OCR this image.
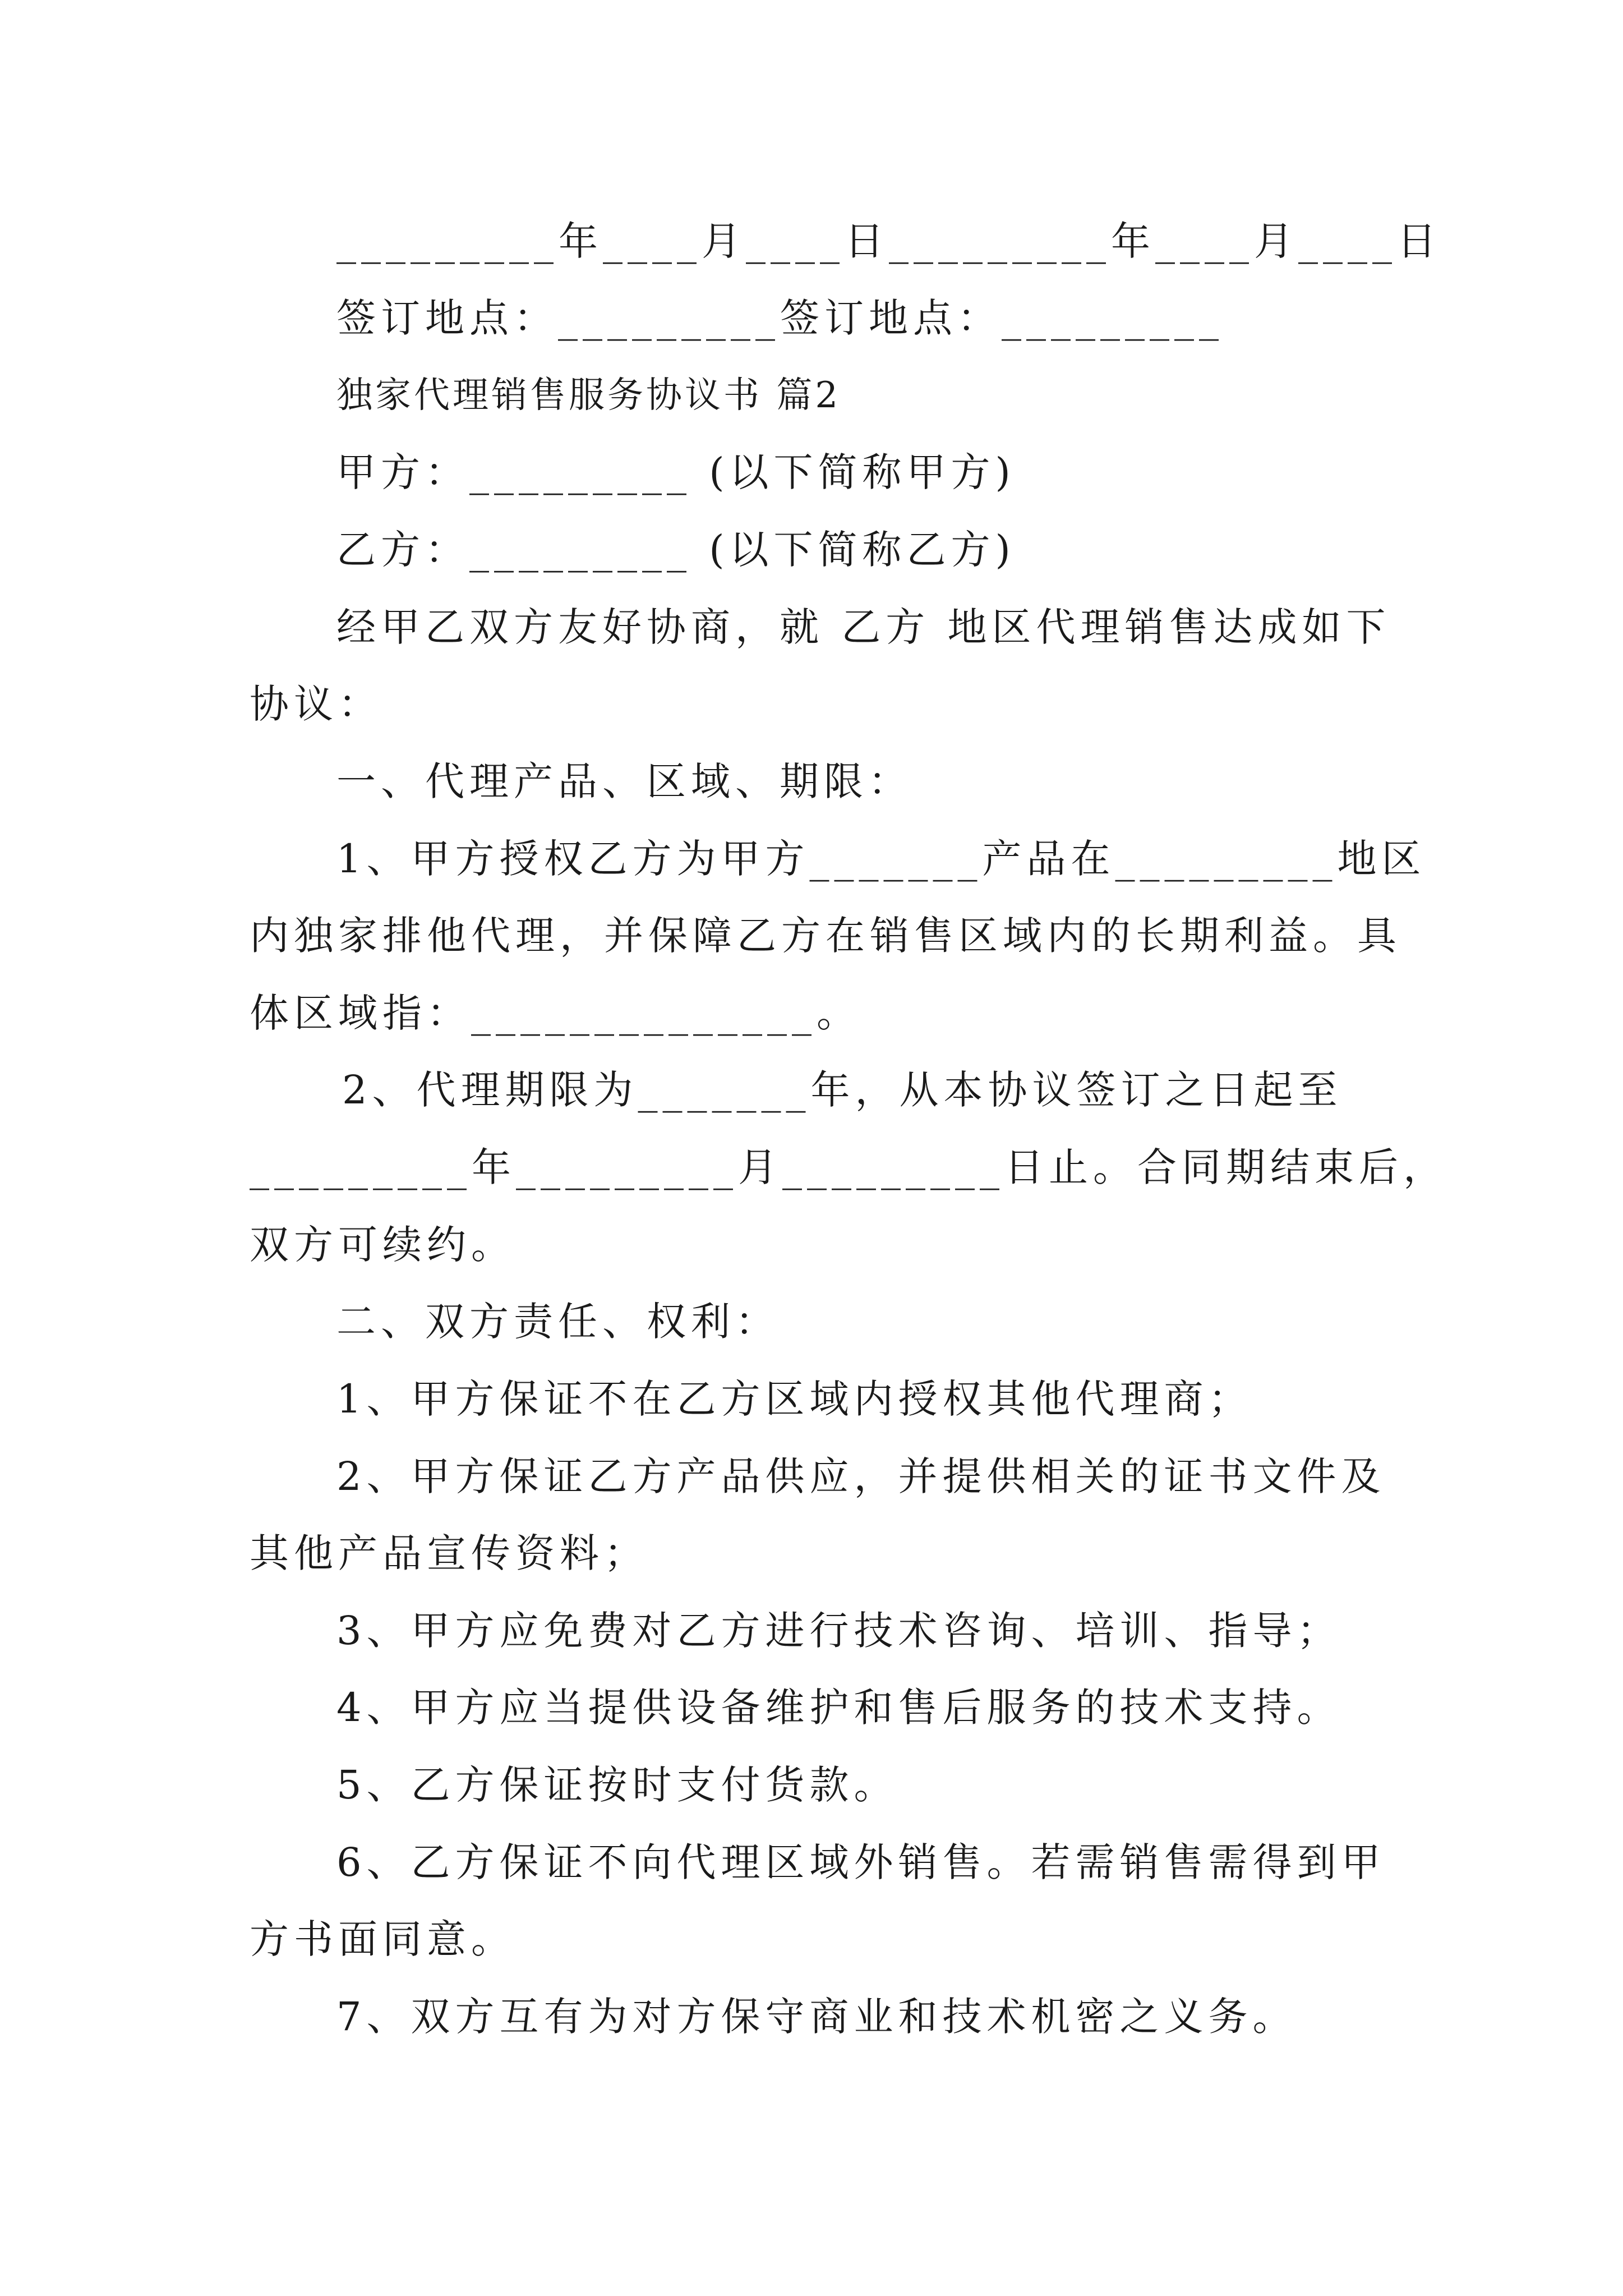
_________年____月____日_________年____月____日
签订地点：_________签订地点：_________
独家代理销售服务协议书 篇2
甲方：_________ (以下简称甲方)
乙方：_________ (以下简称乙方)
经甲乙双方友好协商，就 乙方 地区代理销售达成如下
协议：
一、代理产品、区域、期限：
1、甲方授权乙方为甲方_______产品在_________地区
内独家排他代理，并保障乙方在销售区域内的长期利益。具
体区域指：______________。
2、代理期限为_______年，从本协议签订之日起至
_________年_________月_________日止。合同期结束后，
双方可续约。
二、双方责任、权利：
1、甲方保证不在乙方区域内授权其他代理商；
2、甲方保证乙方产品供应，并提供相关的证书文件及
其他产品宣传资料；
3、甲方应免费对乙方进行技术咨询、培训、指导；
4、甲方应当提供设备维护和售后服务的技术支持。
5、乙方保证按时支付货款。
6、乙方保证不向代理区域外销售。若需销售需得到甲
方书面同意。
7、双方互有为对方保守商业和技术机密之义务。
